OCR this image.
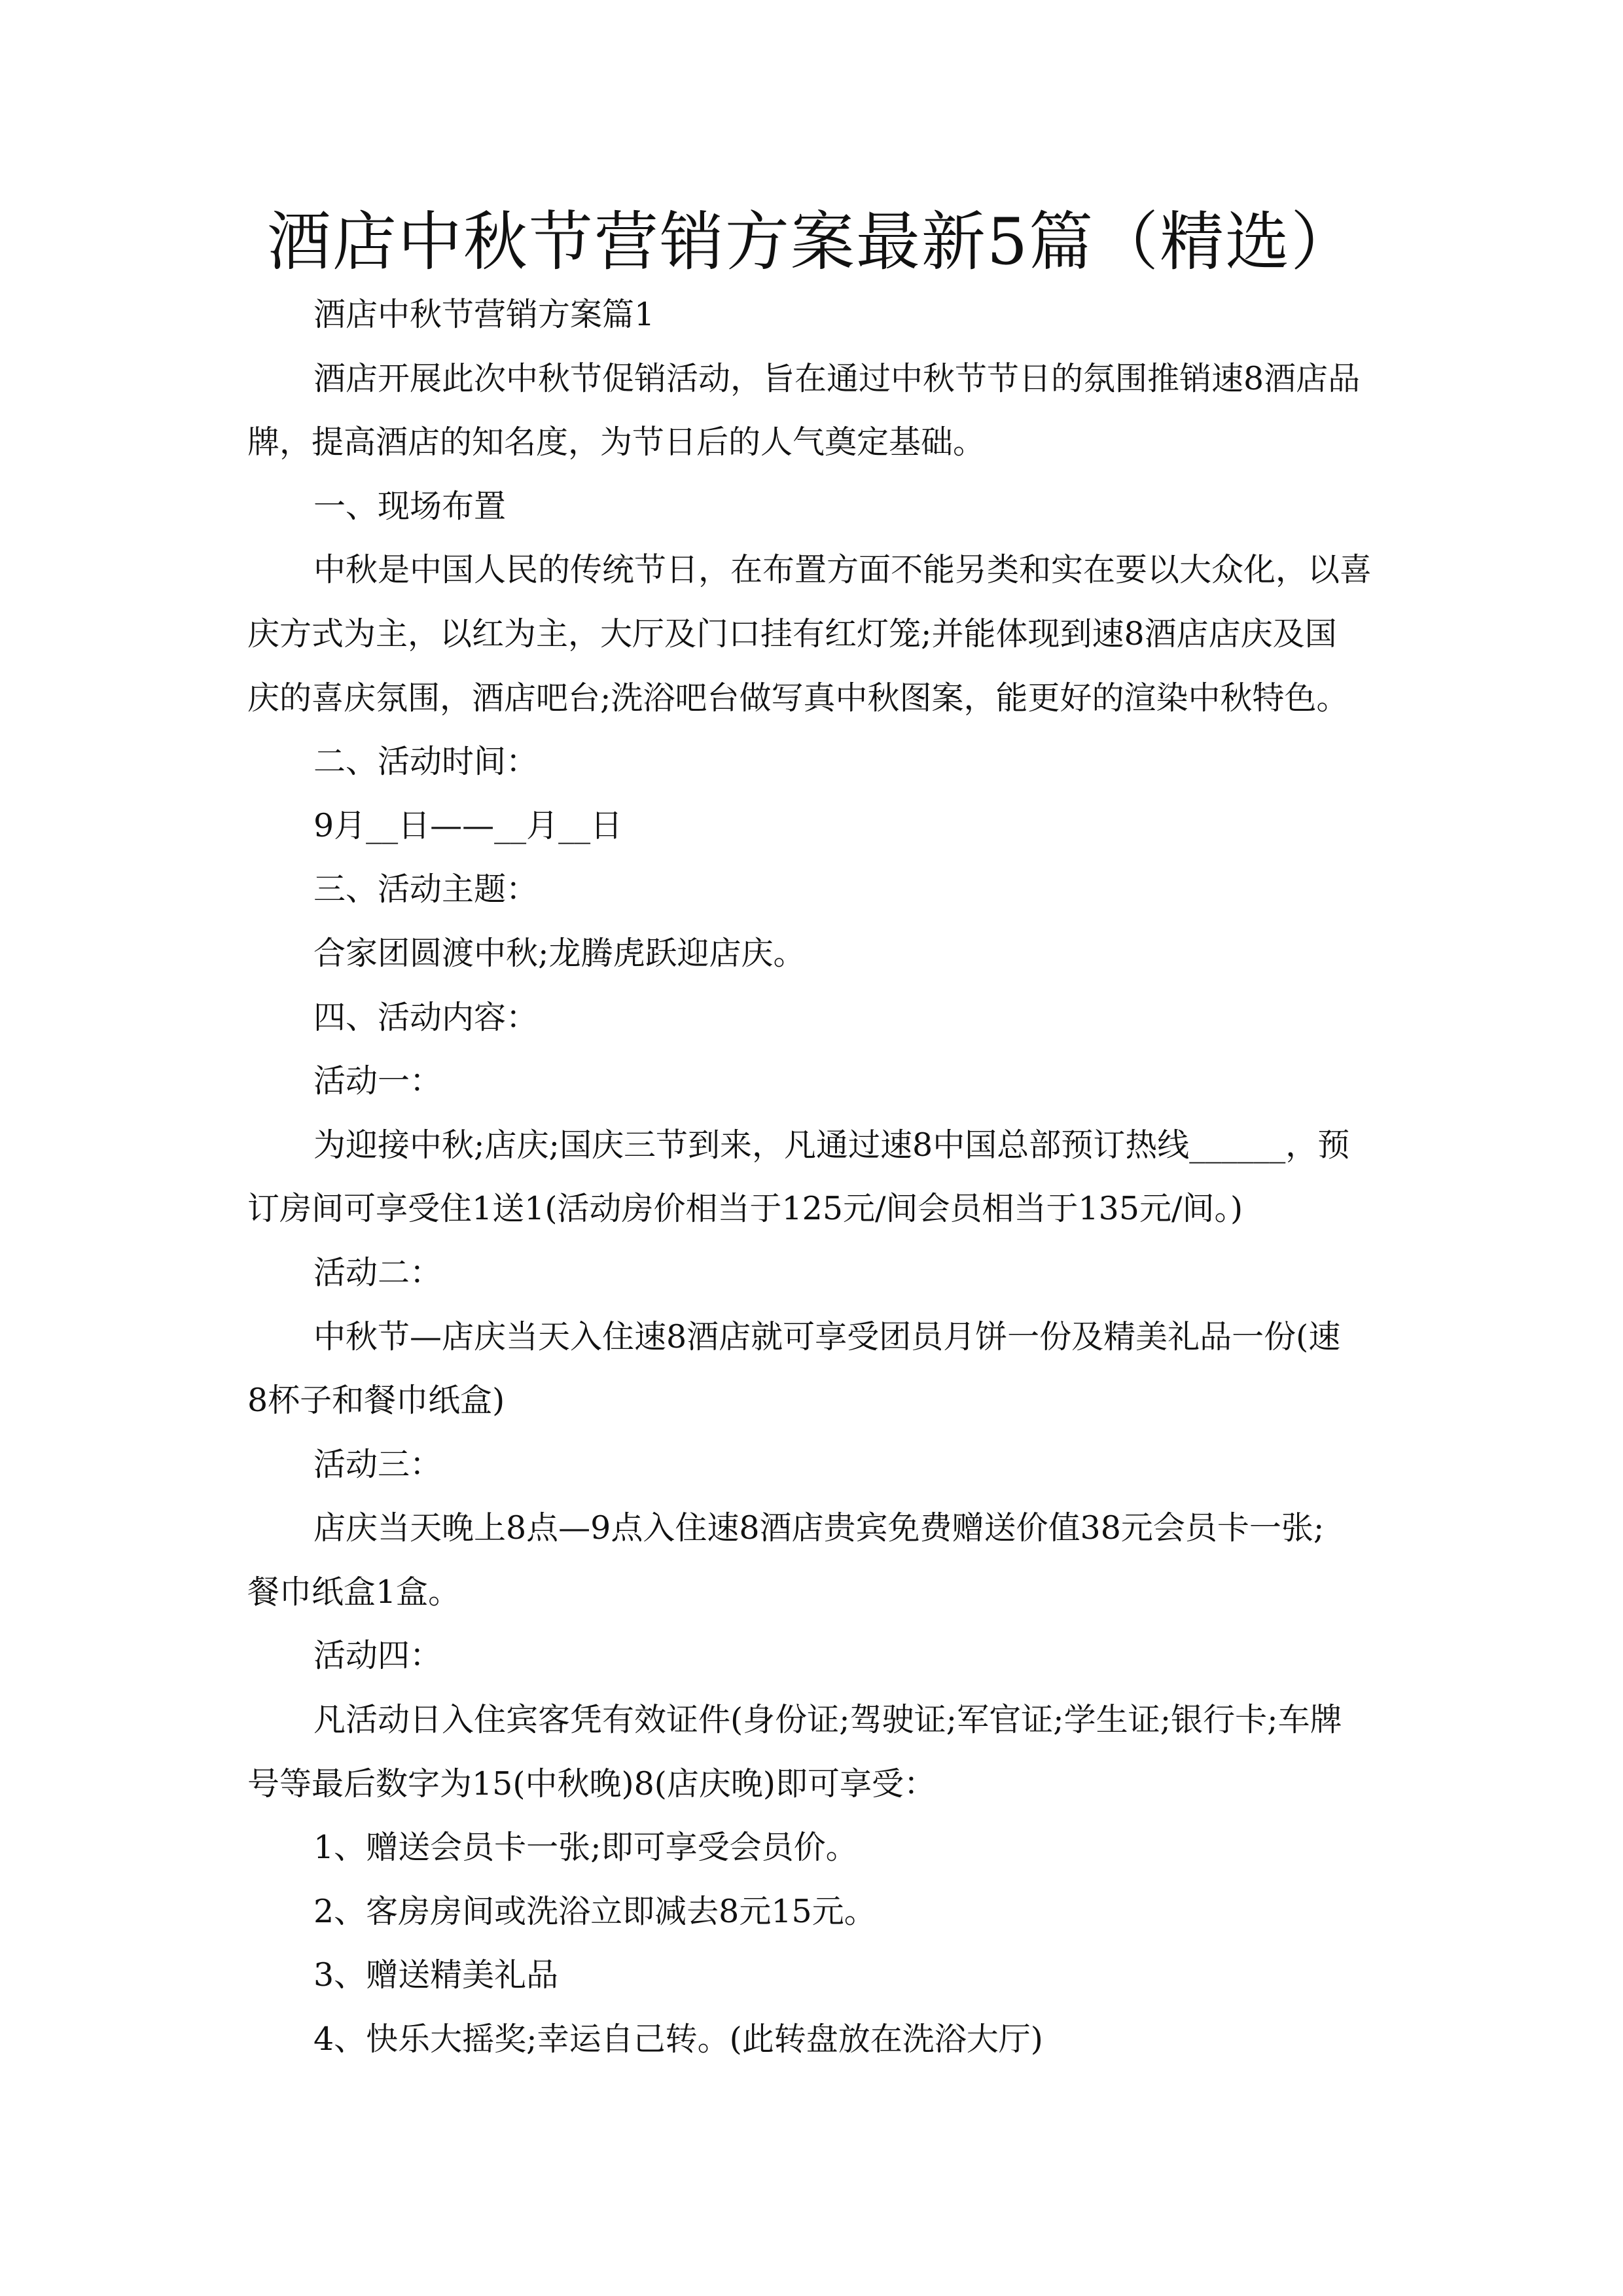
酒店中秋节营销方案最新5篇（精选）
酒店中秋节营销方案篇1
酒店开展此次中秋节促销活动，旨在通过中秋节节日的氛围推销速8酒店品
牌，提高酒店的知名度，为节日后的人气奠定基础。
一、现场布置
中秋是中国人民的传统节日，在布置方面不能另类和实在要以大众化，以喜
庆方式为主，以红为主，大厅及门口挂有红灯笼;并能体现到速8酒店店庆及国
庆的喜庆氛围，酒店吧台;洗浴吧台做写真中秋图案，能更好的渲染中秋特色。
二、活动时间：
9月__日——__月__日
三、活动主题：
合家团圆渡中秋;龙腾虎跃迎店庆。
四、活动内容：
活动一：
为迎接中秋;店庆;国庆三节到来，凡通过速8中国总部预订热线______，预
订房间可享受住1送1(活动房价相当于125元/间会员相当于135元/间。)
活动二：
中秋节—店庆当天入住速8酒店就可享受团员月饼一份及精美礼品一份(速
8杯子和餐巾纸盒)
活动三：
店庆当天晚上8点—9点入住速8酒店贵宾免费赠送价值38元会员卡一张;
餐巾纸盒1盒。
活动四：
凡活动日入住宾客凭有效证件(身份证;驾驶证;军官证;学生证;银行卡;车牌
号等最后数字为15(中秋晚)8(店庆晚)即可享受：
1、赠送会员卡一张;即可享受会员价。
2、客房房间或洗浴立即减去8元15元。
3、赠送精美礼品
4、快乐大摇奖;幸运自己转。(此转盘放在洗浴大厅)
